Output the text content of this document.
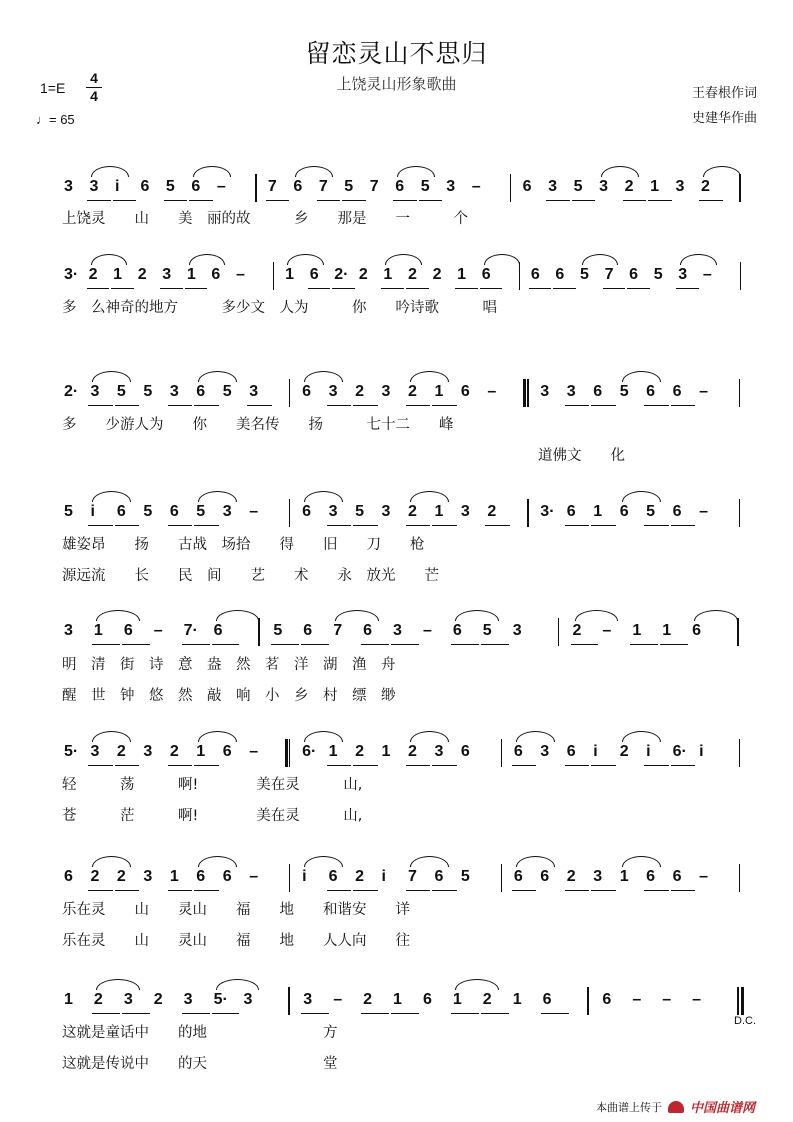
留恋灵山不思归
上饶灵山形象歌曲
1=E
4
4
♩= 65
王春根作词
史建华作曲
3 3 i 6 5 6 –	7 6 7 5 7 6 5 3 –	6 3 5 3 2 1 3 2
上饶灵　　山　　美　丽的故　　　乡　　那是　　一　　　个
3· 2 1 2 3 1 6 –	1 6 2· 2 1 2 2 1 6	6 6 5 7 6 5 3 –
多　么神奇的地方　　　多少文　人为　　　你　　吟诗歌　　　唱
2· 3 5 5 3 6 5 3	6 3 2 3 2 1 6 –	3 3 6 5 6 6 –
多　　少游人为　　你　　美名传　　扬　　　七十二　　峰
道佛文　　化
5 i 6 5 6 5 3 –	6 3 5 3 2 1 3 2	3· 6 1 6 5 6 –
雄姿昂　　扬　　古战　场拾　　得　　旧　　刀　　枪
源远流　　长　　民　间　　艺　　术　　永　放光　　芒
3 1 6 – 7· 6	5 6 7 6 3 – 6 5 3	2 – 1 1 6
明　清　街　诗　意　盎　然　茗　洋　湖　渔　舟
醒　世　钟　悠　然　敲　响　小　乡　村　缥　缈
5· 3 2 3 2 1 6 –	6· 1 2 1 2 3 6	6 3 6 i 2 i 6· i
轻　　　荡　　　啊!　　　　美在灵　　　山,
苍　　　茫　　　啊!　　　　美在灵　　　山,
6 2 2 3 1 6 6 –	i 6 2 i 7 6 5	6 6 2 3 1 6 6 –
乐在灵　　山　　灵山　　福　　地　　和谐安　　详
乐在灵　　山　　灵山　　福　　地　　人人向　　往
1 2 3 2 3 5· 3	3 – 2 1 6 1 2 1 6	6 – – –
这就是童话中　　的地　　　　　　　　方
这就是传说中　　的天　　　　　　　　堂
D.C.
本曲谱上传于 中国曲谱网
